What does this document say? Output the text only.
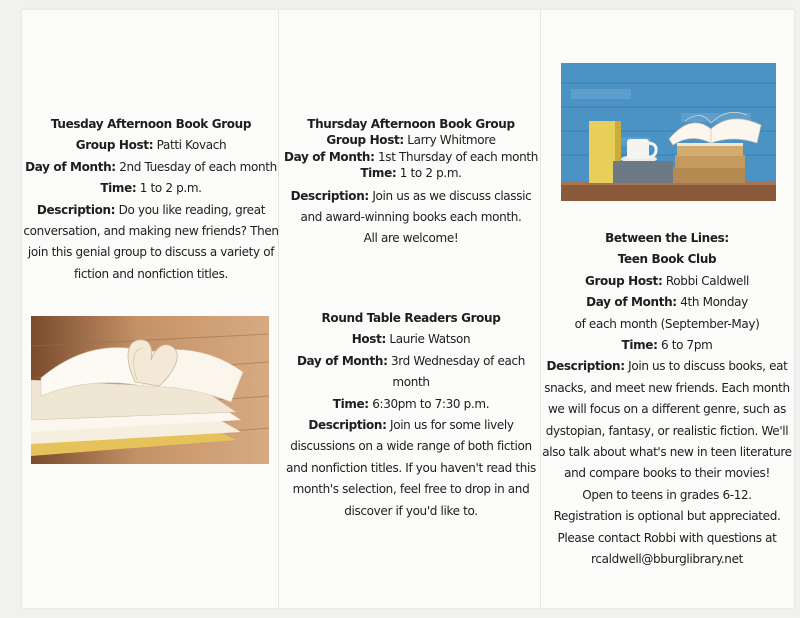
Tuesday Afternoon Book Group

Group Host: Patti Kovach

Day of Month: 2nd Tuesday of each month

Time: 1 to 2 p.m.

Description: Do you like reading, great

conversation, and making new friends? Then

join this genial group to discuss a variety of

fiction and nonfiction titles.

Thursday Afternoon Book Group

Group Host: Larry Whitmore

Day of Month: 1st Thursday of each month

Time: 1 to 2 p.m.

Description: Join us as we discuss classic

and award-winning books each month.

All are welcome!

Round Table Readers Group

Host: Laurie Watson

Day of Month: 3rd Wednesday of each month

Time: 6:30pm to 7:30 p.m.

Description: Join us for some lively

discussions on a wide range of both fiction

and nonfiction titles. If you haven't read this

month's selection, feel free to drop in and

discover if you'd like to.

Between the Lines:

Teen Book Club

Group Host: Robbi Caldwell

Day of Month: 4th Monday

of each month (September-May)

Time: 6 to 7pm

Description: Join us to discuss books, eat

snacks, and meet new friends. Each month

we will focus on a different genre, such as

dystopian, fantasy, or realistic fiction. We'll

also talk about what's new in teen literature

and compare books to their movies!

Open to teens in grades 6-12.

Registration is optional but appreciated.

Please contact Robbi with questions at

rcaldwell@bburglibrary.net
